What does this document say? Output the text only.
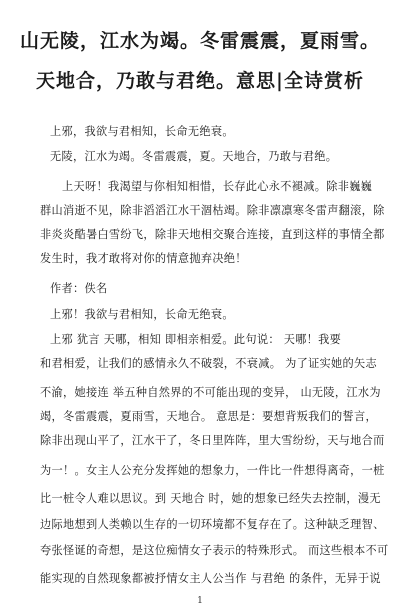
山无陵，江水为竭。冬雷震震，夏雨雪。
天地合，乃敢与君绝。意思|全诗赏析
上邪，我欲与君相知，长命无绝衰。
无陵，江水为竭。冬雷震震，夏。天地合，乃敢与君绝。
上天呀！我渴望与你相知相惜，长存此心永不褪减。除非巍巍
群山消逝不见，除非滔滔江水干涸枯竭。除非凛凛寒冬雷声翻滚，除
非炎炎酷暑白雪纷飞，除非天地相交聚合连接，直到这样的事情全都
发生时，我才敢将对你的情意抛弃决绝！
作者：佚名
上邪！我欲与君相知，长命无绝衰。
上邪 犹言 天哪，相知 即相亲相爱。此句说： 天哪！我要
和君相爱，让我们的感情永久不破裂，不衰减。 为了证实她的矢志
不渝，她接连 举五种自然界的不可能出现的变异， 山无陵，江水为
竭，冬雷震震，夏雨雪，天地合。 意思是：要想背叛我们的誓言，
除非出现山平了，江水干了，冬日里阵阵，里大雪纷纷，天与地合而
为一！。女主人公充分发挥她的想象力，一件比一件想得离奇，一桩
比一桩令人难以思议。到 天地合 时，她的想象已经失去控制，漫无
边际地想到人类赖以生存的一切环境都不复存在了。这种缺乏理智、
夸张怪诞的奇想，是这位痴情女子表示的特殊形式。 而这些根本不可
能实现的自然现象都被抒情女主人公当作 与君绝 的条件，无异于说
1
